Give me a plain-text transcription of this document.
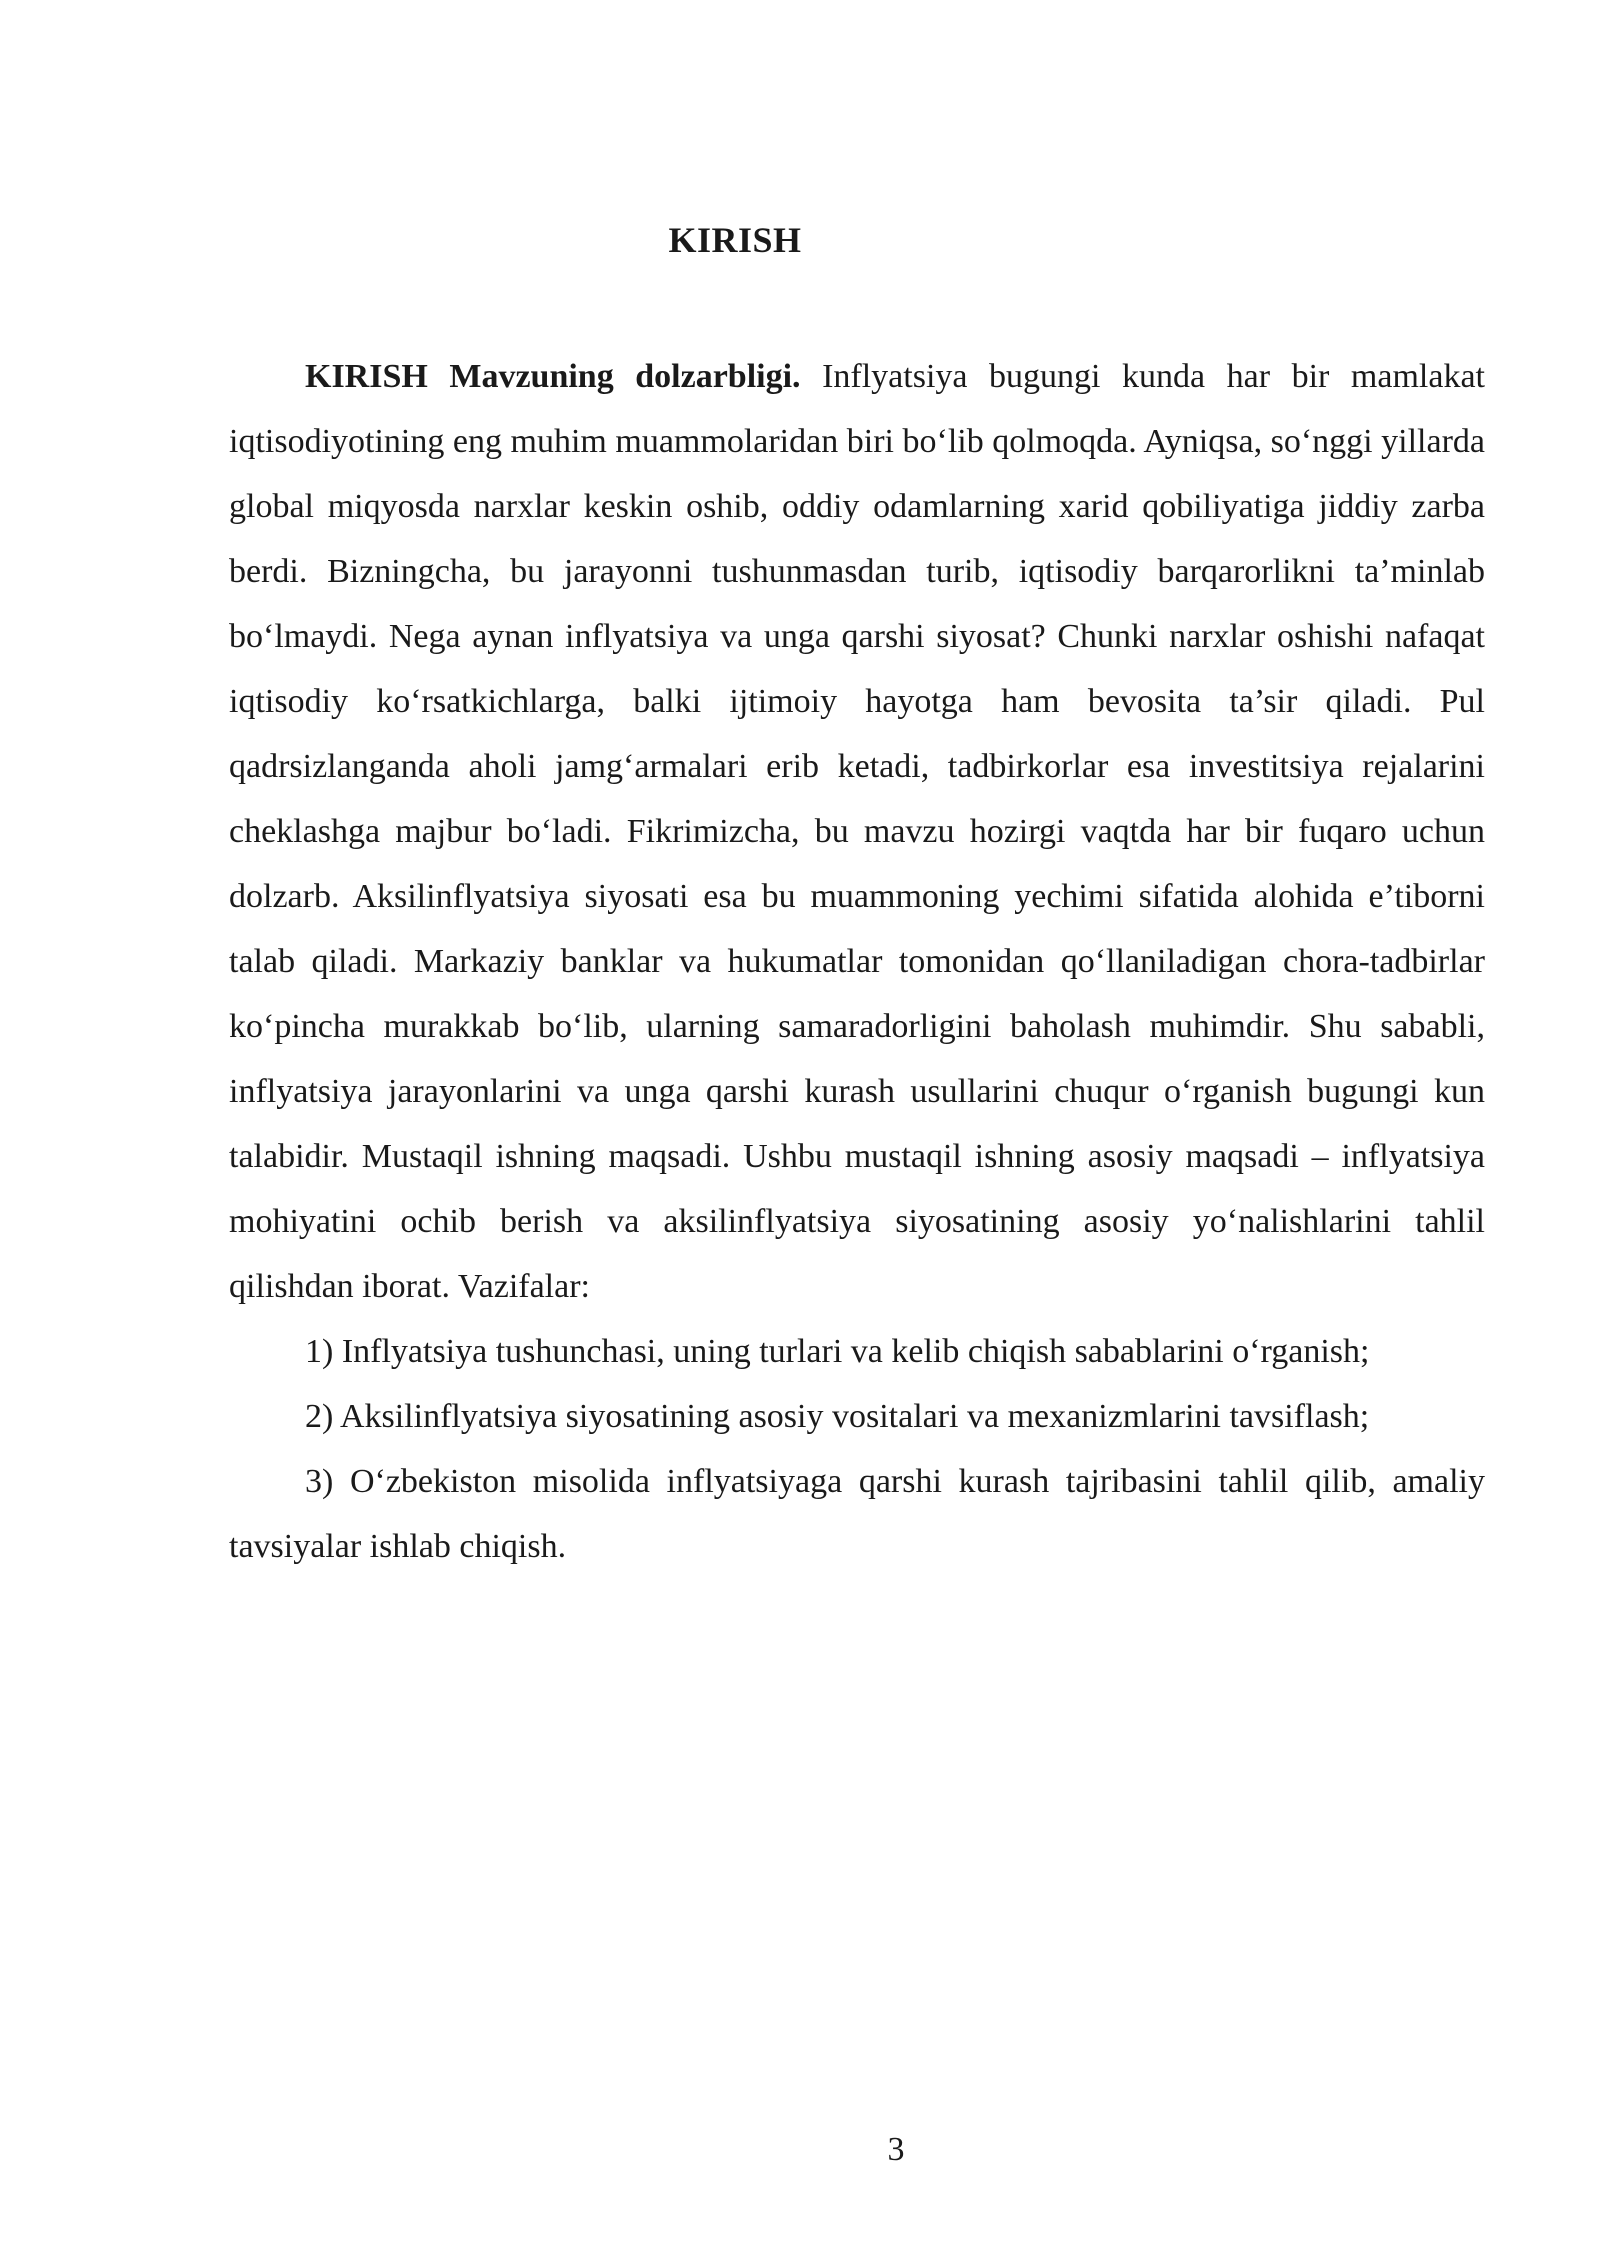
KIRISH

KIRISH Mavzuning dolzarbligi. Inflyatsiya bugungi kunda har bir mamlakat iqtisodiyotining eng muhim muammolaridan biri bo‘lib qolmoqda. Ayniqsa, so‘nggi yillarda global miqyosda narxlar keskin oshib, oddiy odamlarning xarid qobiliyatiga jiddiy zarba berdi. Bizningcha, bu jarayonni tushunmasdan turib, iqtisodiy barqarorlikni ta’minlab bo‘lmaydi. Nega aynan inflyatsiya va unga qarshi siyosat? Chunki narxlar oshishi nafaqat iqtisodiy ko‘rsatkichlarga, balki ijtimoiy hayotga ham bevosita ta’sir qiladi. Pul qadrsizlanganda aholi jamg‘armalari erib ketadi, tadbirkorlar esa investitsiya rejalarini cheklashga majbur bo‘ladi. Fikrimizcha, bu mavzu hozirgi vaqtda har bir fuqaro uchun dolzarb. Aksilinflyatsiya siyosati esa bu muammoning yechimi sifatida alohida e’tiborni talab qiladi. Markaziy banklar va hukumatlar tomonidan qo‘llaniladigan chora-tadbirlar ko‘pincha murakkab bo‘lib, ularning samaradorligini baholash muhimdir. Shu sababli, inflyatsiya jarayonlarini va unga qarshi kurash usullarini chuqur o‘rganish bugungi kun talabidir. Mustaqil ishning maqsadi. Ushbu mustaqil ishning asosiy maqsadi – inflyatsiya mohiyatini ochib berish va aksilinflyatsiya siyosatining asosiy yo‘nalishlarini tahlil qilishdan iborat. Vazifalar:

1) Inflyatsiya tushunchasi, uning turlari va kelib chiqish sabablarini o‘rganish;

2) Aksilinflyatsiya siyosatining asosiy vositalari va mexanizmlarini tavsiflash;

3) O‘zbekiston misolida inflyatsiyaga qarshi kurash tajribasini tahlil qilib, amaliy tavsiyalar ishlab chiqish.

3
